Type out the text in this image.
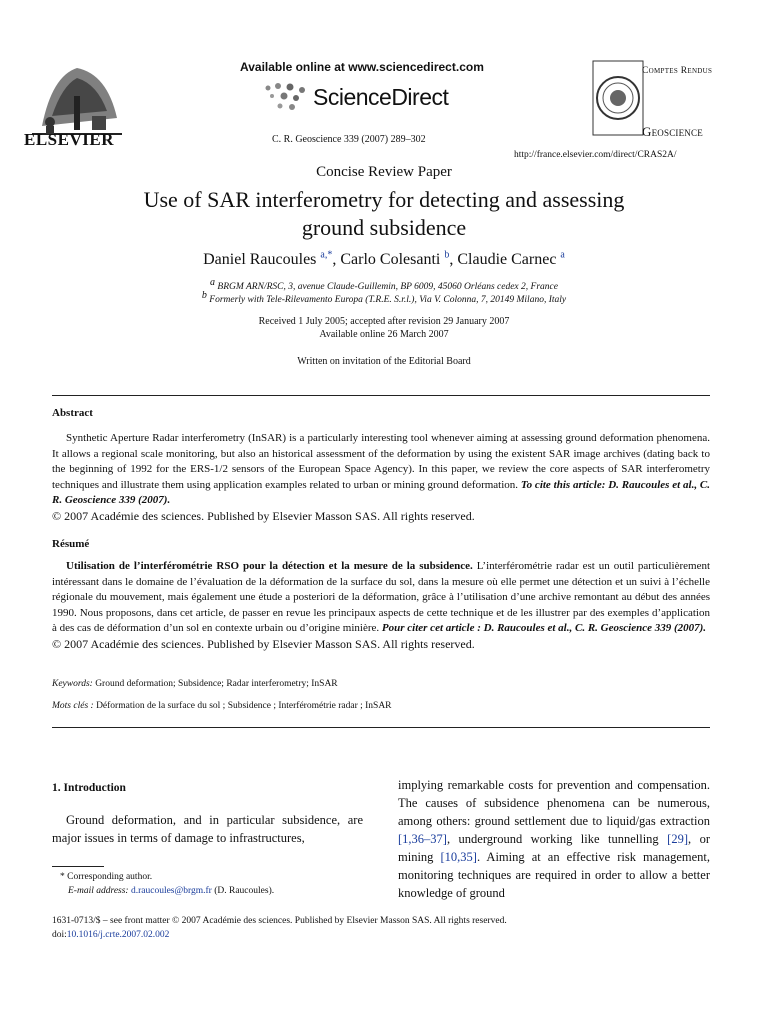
ELSEVIER
Available online at www.sciencedirect.com
ScienceDirect
C. R. Geoscience 339 (2007) 289–302
Comptes Rendus
Geoscience
http://france.elsevier.com/direct/CRAS2A/
Concise Review Paper
Use of SAR interferometry for detecting and assessing
ground subsidence
Daniel Raucoules $^{a,*}$, Carlo Colesanti $^b$, Claudie Carnec $^a$
$^a$ BRGM ARN/RSC, 3, avenue Claude-Guillemin, BP 6009, 45060 Orléans cedex 2, France
$^b$ Formerly with Tele-Rilevamento Europa (T.R.E. S.r.l.), Via V. Colonna, 7, 20149 Milano, Italy
Received 1 July 2005; accepted after revision 29 January 2007
Available online 26 March 2007
Written on invitation of the Editorial Board
Abstract
Synthetic Aperture Radar interferometry (InSAR) is a particularly interesting tool whenever aiming at assessing ground deformation phenomena. It allows a regional scale monitoring, but also an historical assessment of the deformation by using the existent SAR image archives (dating back to the beginning of 1992 for the ERS-1/2 sensors of the European Space Agency). In this paper, we review the core aspects of SAR interferometry techniques and illustrate them using application examples related to urban or mining ground deformation. To cite this article: D. Raucoules et al., C. R. Geoscience 339 (2007).
© 2007 Académie des sciences. Published by Elsevier Masson SAS. All rights reserved.
Résumé
Utilisation de l’interférométrie RSO pour la détection et la mesure de la subsidence. L’interférométrie radar est un outil particulièrement intéressant dans le domaine de l’évaluation de la déformation de la surface du sol, dans la mesure où elle permet une détection et un suivi à l’échelle régionale du mouvement, mais également une étude a posteriori de la déformation, grâce à l’utilisation d’une archive remontant au début des années 1990. Nous proposons, dans cet article, de passer en revue les principaux aspects de cette technique et de les illustrer par des exemples d’application à des cas de déformation d’un sol en contexte urbain ou d’origine minière. Pour citer cet article : D. Raucoules et al., C. R. Geoscience 339 (2007).
© 2007 Académie des sciences. Published by Elsevier Masson SAS. All rights reserved.
Keywords: Ground deformation; Subsidence; Radar interferometry; InSAR
Mots clés : Déformation de la surface du sol ; Subsidence ; Interférométrie radar ; InSAR
1. Introduction
Ground deformation, and in particular subsidence, are major issues in terms of damage to infrastructures,
implying remarkable costs for prevention and compensation. The causes of subsidence phenomena can be numerous, among others: ground settlement due to liquid/gas extraction [1,36–37], underground working like tunnelling [29], or mining [10,35]. Aiming at an effective risk management, monitoring techniques are required in order to allow a better knowledge of ground
* Corresponding author.
E-mail address: d.raucoules@brgm.fr (D. Raucoules).
1631-0713/$ – see front matter © 2007 Académie des sciences. Published by Elsevier Masson SAS. All rights reserved.
doi:10.1016/j.crte.2007.02.002
